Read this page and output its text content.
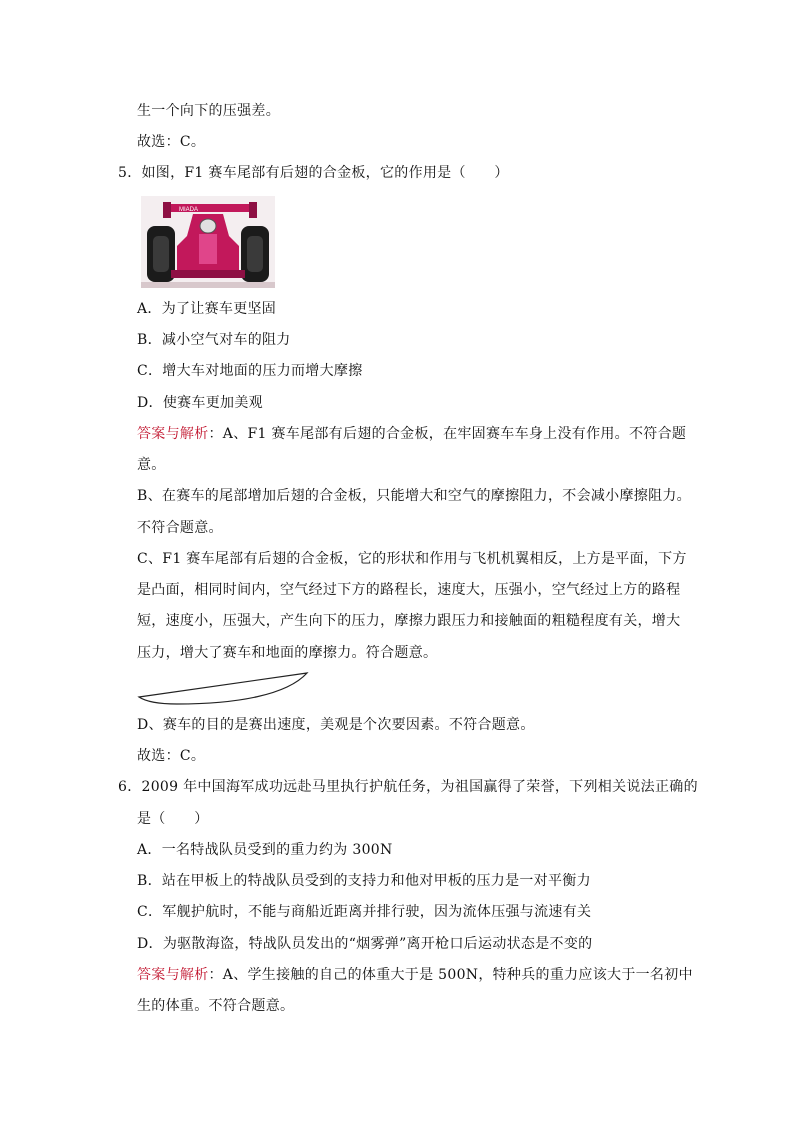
生一个向下的压强差。
故选：C。
5．如图，F1 赛车尾部有后翅的合金板，它的作用是（　　）
MIADA
A．为了让赛车更坚固
B．减小空气对车的阻力
C．增大车对地面的压力而增大摩擦
D．使赛车更加美观
答案与解析：A、F1 赛车尾部有后翅的合金板，在牢固赛车车身上没有作用。不符合题
意。
B、在赛车的尾部增加后翅的合金板，只能增大和空气的摩擦阻力，不会减小摩擦阻力。
不符合题意。
C、F1 赛车尾部有后翅的合金板，它的形状和作用与飞机机翼相反，上方是平面，下方
是凸面，相同时间内，空气经过下方的路程长，速度大，压强小，空气经过上方的路程
短，速度小，压强大，产生向下的压力，摩擦力跟压力和接触面的粗糙程度有关，增大
压力，增大了赛车和地面的摩擦力。符合题意。
D、赛车的目的是赛出速度，美观是个次要因素。不符合题意。
故选：C。
6．2009 年中国海军成功远赴马里执行护航任务，为祖国赢得了荣誉，下列相关说法正确的
是（　　）
A．一名特战队员受到的重力约为 300N
B．站在甲板上的特战队员受到的支持力和他对甲板的压力是一对平衡力
C．军舰护航时，不能与商船近距离并排行驶，因为流体压强与流速有关
D．为驱散海盗，特战队员发出的“烟雾弹”离开枪口后运动状态是不变的
答案与解析：A、学生接触的自己的体重大于是 500N，特种兵的重力应该大于一名初中
生的体重。不符合题意。
